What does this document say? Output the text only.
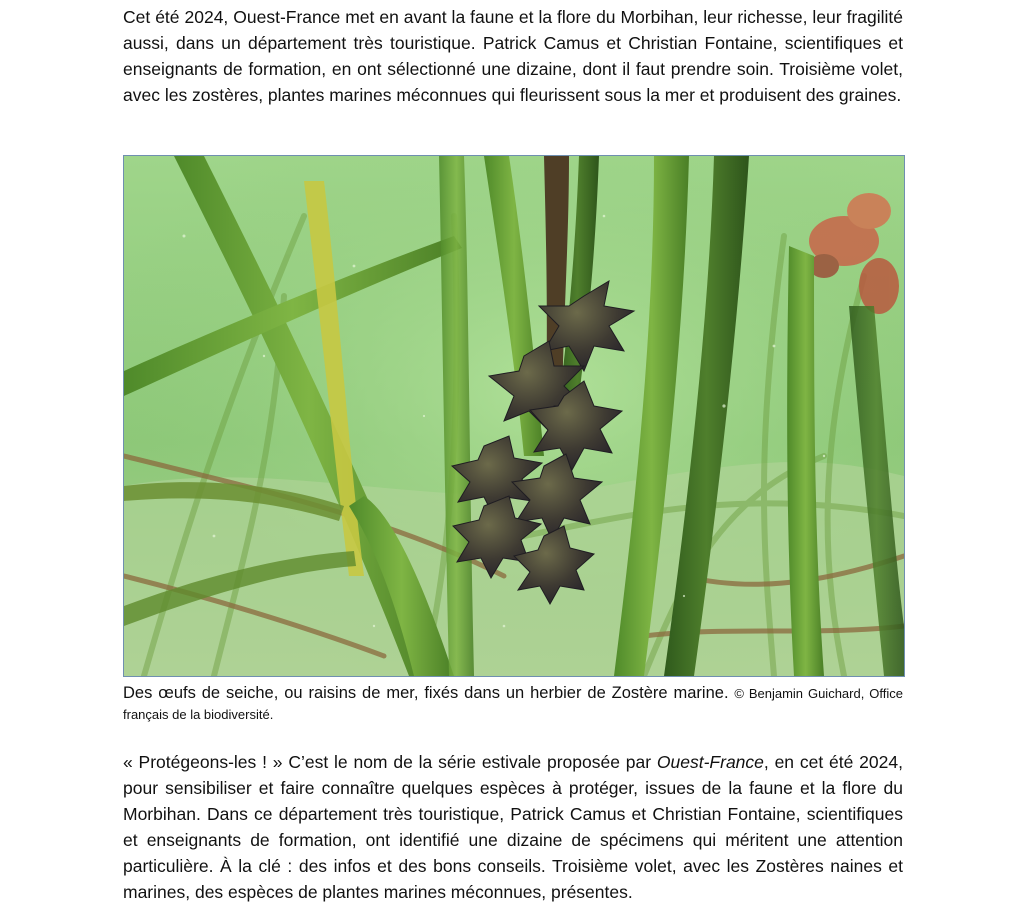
Cet été 2024, Ouest-France met en avant la faune et la flore du Morbihan, leur richesse, leur fragilité aussi, dans un département très touristique. Patrick Camus et Christian Fontaine, scientifiques et enseignants de formation, en ont sélectionné une dizaine, dont il faut prendre soin. Troisième volet, avec les zostères, plantes marines méconnues qui fleurissent sous la mer et produisent des graines.

Des œufs de seiche, ou raisins de mer, fixés dans un herbier de Zostère marine. © Benjamin Guichard, Office français de la biodiversité.

« Protégeons-les ! » C’est le nom de la série estivale proposée par Ouest-France, en cet été 2024, pour sensibiliser et faire connaître quelques espèces à protéger, issues de la faune et la flore du Morbihan. Dans ce département très touristique, Patrick Camus et Christian Fontaine, scientifiques et enseignants de formation, ont identifié une dizaine de spécimens qui méritent une attention particulière. À la clé : des infos et des bons conseils. Troisième volet, avec les Zostères naines et marines, des espèces de plantes marines méconnues, présentes.
